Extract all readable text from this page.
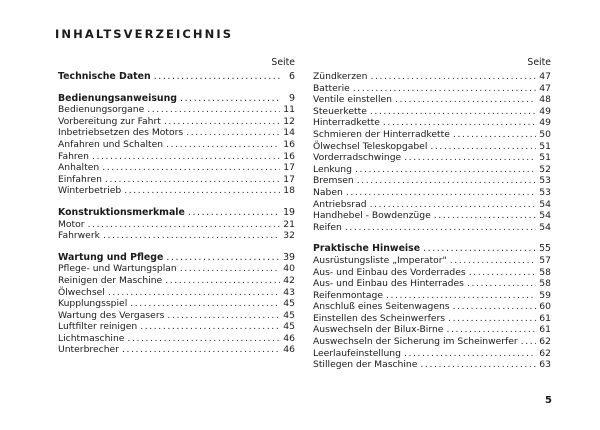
INHALTSVERZEICHNIS
Seite
Technische Daten .....	6
Bedienungsanweisung .....	9
Bedienungsorgane .....	11
Vorbereitung zur Fahrt .....	12
Inbetriebsetzen des Motors .....	14
Anfahren und Schalten .....	16
Fahren .....	16
Anhalten .....	17
Einfahren .....	17
Winterbetrieb .....	18
Konstruktionsmerkmale .....	19
Motor .....	21
Fahrwerk .....	32
Wartung und Pflege .....	39
Pflege- und Wartungsplan .....	40
Reinigen der Maschine .....	42
Ölwechsel .....	43
Kupplungsspiel .....	45
Wartung des Vergasers .....	45
Luftfilter reinigen .....	45
Lichtmaschine .....	46
Unterbrecher .....	46
Seite
Zündkerzen .....	47
Batterie .....	47
Ventile einstellen .....	48
Steuerkette .....	49
Hinterradkette .....	49
Schmieren der Hinterradkette .....	50
Ölwechsel Teleskopgabel .....	51
Vorderradschwinge .....	51
Lenkung .....	52
Bremsen .....	53
Naben .....	53
Antriebsrad .....	54
Handhebel - Bowdenzüge .....	54
Reifen .....	54
Praktische Hinweise .....	55
Ausrüstungsliste „Imperator" .....	57
Aus- und Einbau des Vorderrades .....	58
Aus- und Einbau des Hinterrades .....	58
Reifenmontage .....	59
Anschluß eines Seitenwagens .....	60
Einstellen des Scheinwerfers .....	61
Auswechseln der Bilux-Birne .....	61
Auswechseln der Sicherung im Scheinwerfer ..... 62
Leerlaufeinstellung .....	62
Stillegen der Maschine .....	63
5
